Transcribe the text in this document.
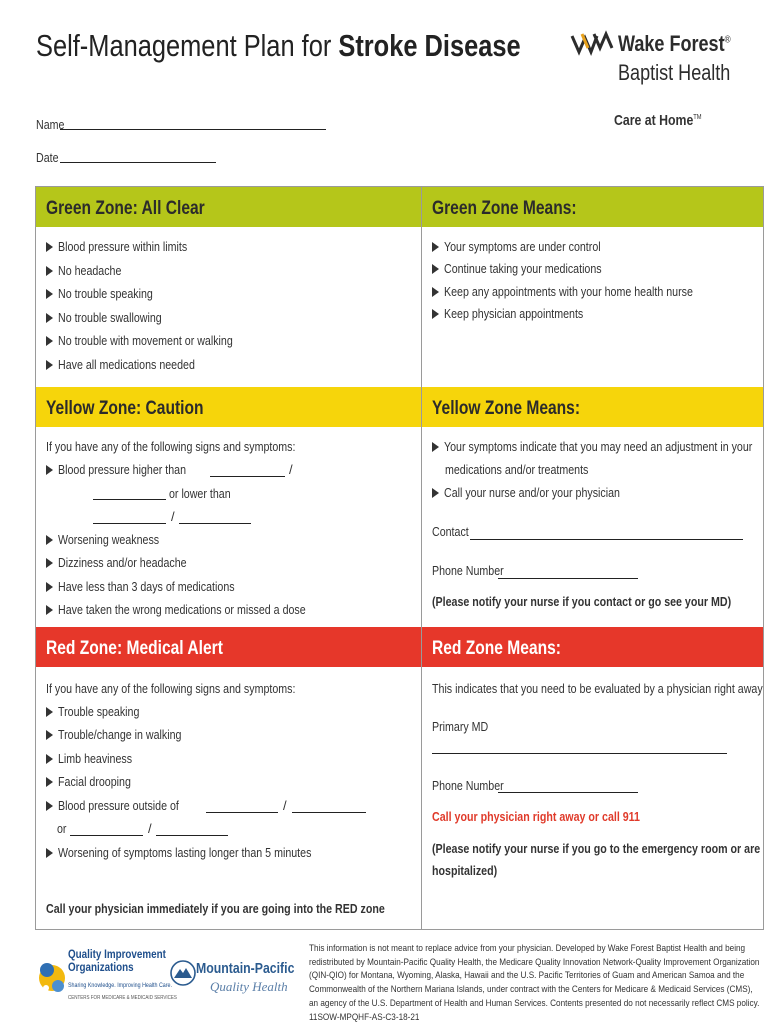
Self-Management Plan for Stroke Disease	Wake Forest®
Baptist Health
Care at Home™
Name
Date
Green Zone: All Clear	Green Zone Means:
Blood pressure within limits
No headache
No trouble speaking
No trouble swallowing
No trouble with movement or walking
Have all medications needed
Your symptoms are under control
Continue taking your medications
Keep any appointments with your home health nurse
Keep physician appointments
Yellow Zone: Caution	Yellow Zone Means:
If you have any of the following signs and symptoms:
Blood pressure higher than	/
or lower than
/
Worsening weakness
Dizziness and/or headache
Have less than 3 days of medications
Have taken the wrong medications or missed a dose
Your symptoms indicate that you may need an adjustment in your
medications and/or treatments
Call your nurse and/or your physician
Contact
Phone Number
(Please notify your nurse if you contact or go see your MD)
Red Zone: Medical Alert	Red Zone Means:
If you have any of the following signs and symptoms:
Trouble speaking
Trouble/change in walking
Limb heaviness
Facial drooping
Blood pressure outside of	/
or	/
Worsening of symptoms lasting longer than 5 minutes
Call your physician immediately if you are going into the RED zone
This indicates that you need to be evaluated by a physician right away
Primary MD
Phone Number
Call your physician right away or call 911
(Please notify your nurse if you go to the emergency room or are
hospitalized)
Quality Improvement
Organizations
Sharing Knowledge. Improving Health Care.
CENTERS FOR MEDICARE & MEDICAID SERVICES
Mountain-Pacific
Quality Health
This information is not meant to replace advice from your physician. Developed by Wake Forest Baptist Health and being redistributed by Mountain-Pacific Quality Health, the Medicare Quality Innovation Network-Quality Improvement Organization (QIN-QIO) for Montana, Wyoming, Alaska, Hawaii and the U.S. Pacific Territories of Guam and American Samoa and the Commonwealth of the Northern Mariana Islands, under contract with the Centers for Medicare & Medicaid Services (CMS), an agency of the U.S. Department of Health and Human Services. Contents presented do not necessarily reflect CMS policy. 11SOW-MPQHF-AS-C3-18-21
